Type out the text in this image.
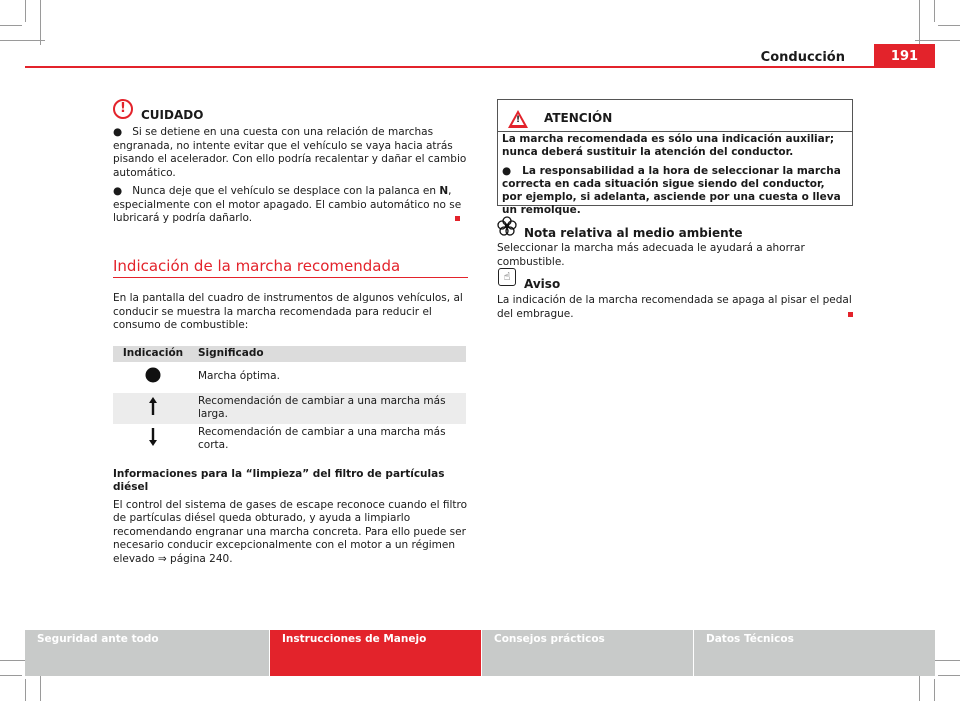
Conducción	191
!	CUIDADO

●   Si se detiene en una cuesta con una relación de marchas engranada, no intente evitar que el vehículo se vaya hacia atrás pisando el acelerador. Con ello podría recalentar y dañar el cambio automático.

●   Nunca deje que el vehículo se desplace con la palanca en N, especialmente con el motor apagado. El cambio automático no se lubricará y podría dañarlo.

Indicación de la marcha recomendada

En la pantalla del cuadro de instrumentos de algunos vehículos, al conducir se muestra la marcha recomendada para reducir el consumo de combustible:

Indicación	Significado
	Marcha óptima.
	Recomendación de cambiar a una marcha más larga.
	Recomendación de cambiar a una marcha más corta.

Informaciones para la “limpieza” del filtro de partículas diésel

El control del sistema de gases de escape reconoce cuando el filtro de partículas diésel queda obturado, y ayuda a limpiarlo recomendando engranar una marcha concreta. Para ello puede ser necesario conducir excepcionalmente con el motor a un régimen elevado ⇒ página 240.

! ATENCIÓN

La marcha recomendada es sólo una indicación auxiliar; nunca deberá sustituir la atención del conductor.

●   La responsabilidad a la hora de seleccionar la marcha correcta en cada situación sigue siendo del conductor, por ejemplo, si adelanta, asciende por una cuesta o lleva un remolque.

Nota relativa al medio ambiente
Seleccionar la marcha más adecuada le ayudará a ahorrar combustible.
☝
Aviso
La indicación de la marcha recomendada se apaga al pisar el pedal del embrague.
Seguridad ante todo	Instrucciones de Manejo	Consejos prácticos	Datos Técnicos
